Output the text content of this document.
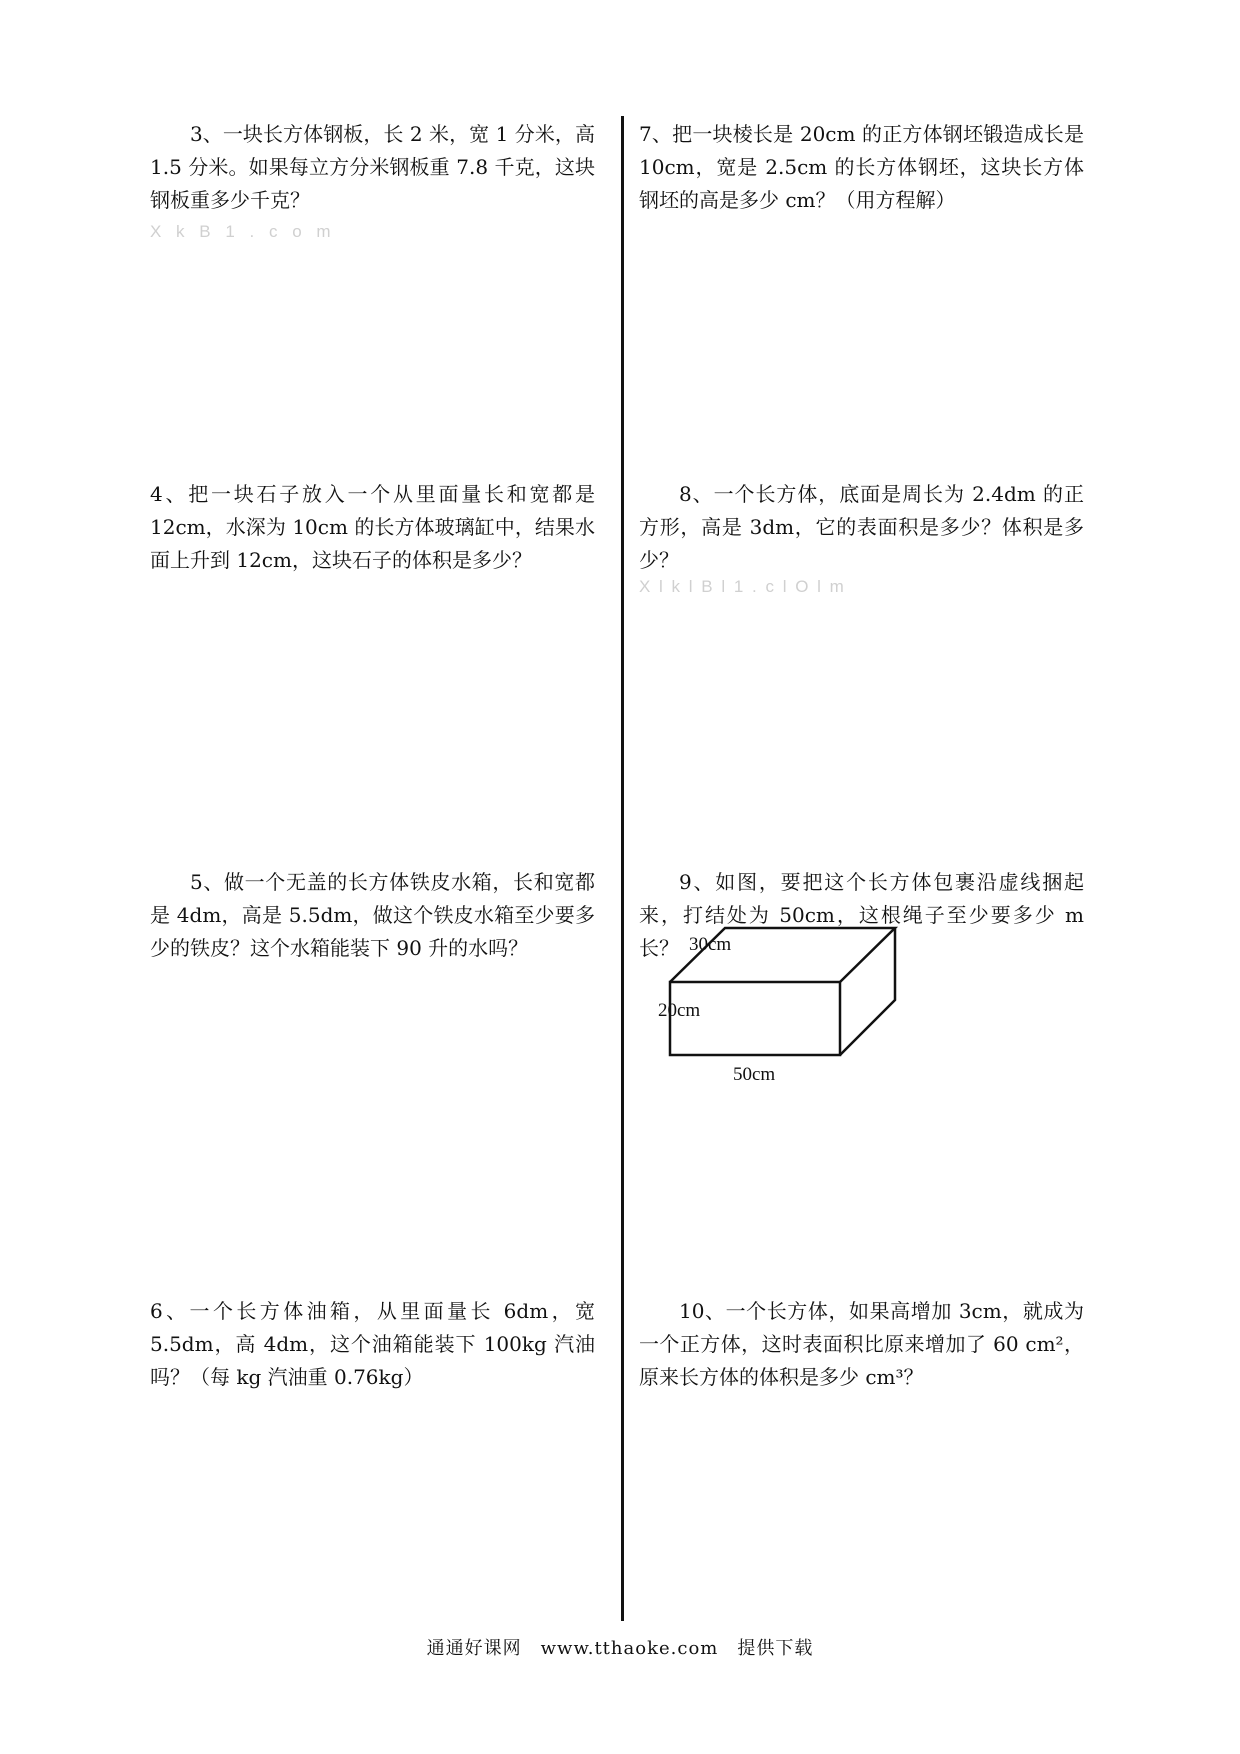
3、一块长方体钢板，长 2 米，宽 1 分米，高 1.5 分米。如果每立方分米钢板重 7.8 千克，这块钢板重多少千克？
X k B 1 . c o m
4、把一块石子放入一个从里面量长和宽都是 12cm，水深为 10cm 的长方体玻璃缸中，结果水面上升到 12cm，这块石子的体积是多少？
5、做一个无盖的长方体铁皮水箱，长和宽都是 4dm，高是 5.5dm，做这个铁皮水箱至少要多少的铁皮？这个水箱能装下 90 升的水吗？
6、一个长方体油箱，从里面量长 6dm，宽 5.5dm，高 4dm，这个油箱能装下 100kg 汽油吗？（每 kg 汽油重 0.76kg）
7、把一块棱长是 20cm 的正方体钢坯锻造成长是 10cm，宽是 2.5cm 的长方体钢坯，这块长方体钢坯的高是多少 cm？（用方程解）
8、一个长方体，底面是周长为 2.4dm 的正方形，高是 3dm，它的表面积是多少？体积是多少？
X l k l B l 1 . c l O l m
9、如图，要把这个长方体包裹沿虚线捆起来，打结处为 50cm，这根绳子至少要多少 m 长？ 30cm
20cm
50cm
10、一个长方体，如果高增加 3cm，就成为一个正方体，这时表面积比原来增加了 60 cm²，原来长方体的体积是多少 cm³？
通通好课网　www.tthaoke.com　提供下载
